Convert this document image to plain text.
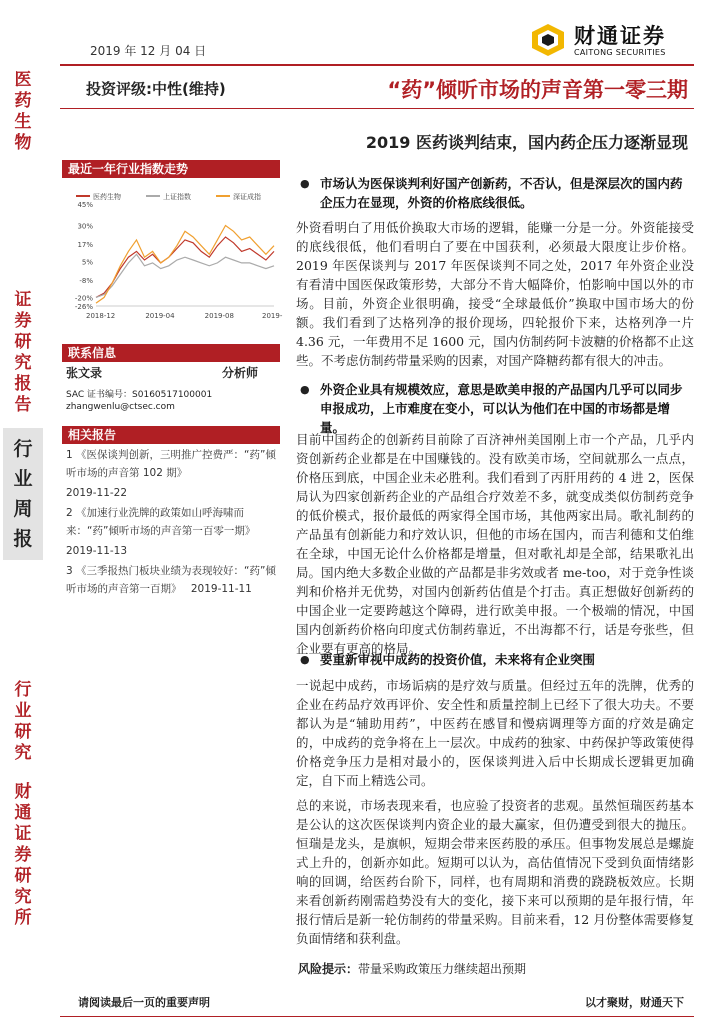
2019 年 12 月 04 日
财通证券
CAITONG SECURITIES
投资评级:中性(维持)	“药”倾听市场的声音第一零三期
2019 医药谈判结束，国内药企压力逐渐显现
医
药
生
物
证
券
研
究
报
告
行
业
周
报
行
业
研
究
财
通
证
券
研
究
所
最近一年行业指数走势
医药生物	上证指数	深证成指
45%
30%
17%
5%
-8%
-20%
-26%
2018-12	2019-04	2019-08	2019-
联系信息
张文录	分析师
SAC 证书编号：S0160517100001
zhangwenlu@ctsec.com
相关报告
1 《医保谈判创新，三明推广控费严：“药”倾听市场的声音第 102 期》
2019-11-22
2 《加速行业洗牌的政策如山呼海啸而来：“药”倾听市场的声音第一百零一期》
2019-11-13
3 《三季报热门板块业绩为表现较好：“药”倾听市场的声音第一百期》 2019-11-11
● 市场认为医保谈判利好国产创新药，不否认，但是深层次的国内药企压力在显现，外资的价格底线很低。
外资看明白了用低价换取大市场的逻辑，能赚一分是一分。外资能接受的底线很低，他们看明白了要在中国获利，必须最大限度让步价格。2019 年医保谈判与 2017 年医保谈判不同之处，2017 年外资企业没有看清中国医保政策形势，大部分不肯大幅降价，怕影响中国以外的市场。目前，外资企业很明确，接受“全球最低价”换取中国市场大的份额。我们看到了达格列净的报价现场，四轮报价下来，达格列净一片 4.36 元，一年费用不足 1600 元，国内仿制药阿卡波糖的价格都不止这些。不考虑仿制药带量采购的因素，对国产降糖药都有很大的冲击。
● 外资企业具有规模效应，意思是欧美申报的产品国内几乎可以同步申报成功，上市难度在变小，可以认为他们在中国的市场都是增量。
目前中国药企的创新药目前除了百济神州美国刚上市一个产品，几乎内资创新药企业都是在中国赚钱的。没有欧美市场，空间就那么一点点，价格压到底，中国企业未必胜利。我们看到了丙肝用药的 4 进 2，医保局认为四家创新药企业的产品组合疗效差不多，就变成类似仿制药竞争的低价模式，报价最低的两家得全国市场，其他两家出局。歌礼制药的产品虽有创新能力和疗效认识，但他的市场在国内，而吉利德和艾伯维在全球，中国无论什么价格都是增量，但对歌礼却是全部，结果歌礼出局。国内绝大多数企业做的产品都是非劣效或者 me-too，对于竞争性谈判和价格并无优势，对国内创新药估值是个打击。真正想做好创新药的中国企业一定要跨越这个障碍，进行欧美申报。一个极端的情况，中国国内创新药价格向印度式仿制药靠近，不出海都不行，话是夸张些，但企业要有更高的格局。
● 要重新审视中成药的投资价值，未来将有企业突围
一说起中成药，市场诟病的是疗效与质量。但经过五年的洗牌，优秀的企业在药品疗效再评价、安全性和质量控制上已经下了很大功夫。不要都认为是“辅助用药”，中医药在感冒和慢病调理等方面的疗效是确定的，中成药的竞争将在上一层次。中成药的独家、中药保护等政策使得价格竞争压力是相对最小的，医保谈判进入后中长期成长逻辑更加确定，自下而上精选公司。
总的来说，市场表现来看，也应验了投资者的悲观。虽然恒瑞医药基本是公认的这次医保谈判内资企业的最大赢家，但仍遭受到很大的抛压。恒瑞是龙头，是旗帜，短期会带来医药股的承压。但事物发展总是螺旋式上升的，创新亦如此。短期可以认为，高估值情况下受到负面情绪影响的回调，给医药台阶下，同样，也有周期和消费的跷跷板效应。长期来看创新药刚需趋势没有大的变化，接下来可以预期的是年报行情，年报行情后是新一轮仿制药的带量采购。目前来看，12 月份整体需要修复负面情绪和获利盘。
风险提示：带量采购政策压力继续超出预期
请阅读最后一页的重要声明	以才聚财，财通天下
